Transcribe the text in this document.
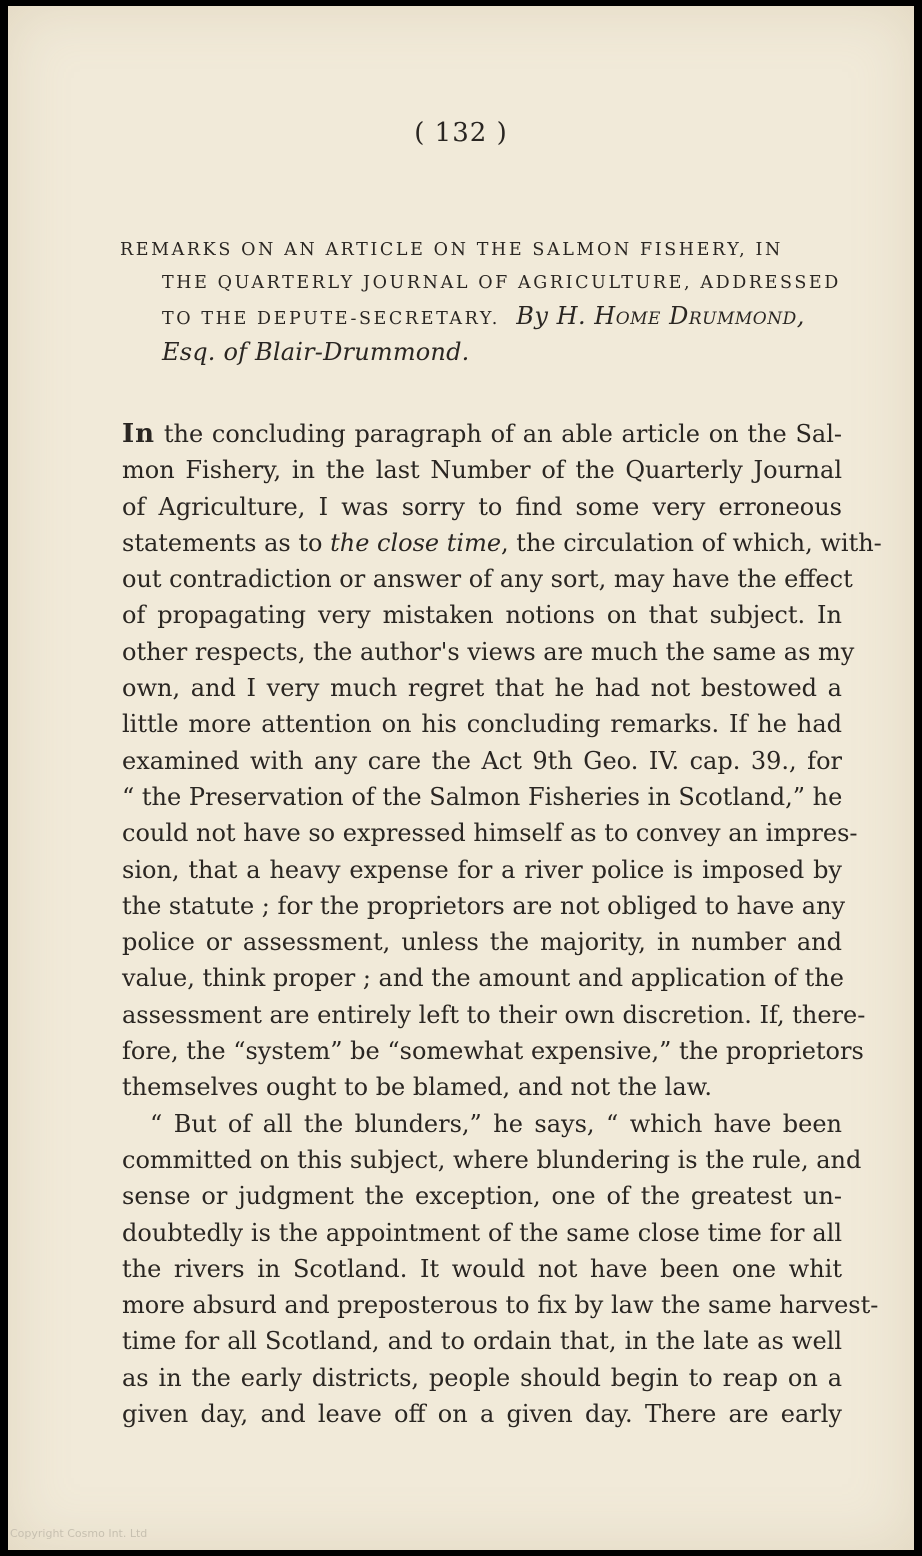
( 132 )
REMARKS ON AN ARTICLE ON THE SALMON FISHERY, IN
THE QUARTERLY JOURNAL OF AGRICULTURE, ADDRESSED
TO THE DEPUTE-SECRETARY. By H. Home Drummond,
Esq. of Blair-Drummond.
In the concluding paragraph of an able article on the Sal-
mon Fishery, in the last Number of the Quarterly Journal
of Agriculture, I was sorry to find some very erroneous
statements as to the close time, the circulation of which, with-
out contradiction or answer of any sort, may have the effect
of propagating very mistaken notions on that subject. In
other respects, the author's views are much the same as my
own, and I very much regret that he had not bestowed a
little more attention on his concluding remarks. If he had
examined with any care the Act 9th Geo. IV. cap. 39., for
“ the Preservation of the Salmon Fisheries in Scotland,” he
could not have so expressed himself as to convey an impres-
sion, that a heavy expense for a river police is imposed by
the statute ; for the proprietors are not obliged to have any
police or assessment, unless the majority, in number and
value, think proper ; and the amount and application of the
assessment are entirely left to their own discretion. If, there-
fore, the “system” be “somewhat expensive,” the proprietors
themselves ought to be blamed, and not the law.
“ But of all the blunders,” he says, “ which have been
committed on this subject, where blundering is the rule, and
sense or judgment the exception, one of the greatest un-
doubtedly is the appointment of the same close time for all
the rivers in Scotland. It would not have been one whit
more absurd and preposterous to fix by law the same harvest-
time for all Scotland, and to ordain that, in the late as well
as in the early districts, people should begin to reap on a
given day, and leave off on a given day. There are early
Copyright Cosmo Int. Ltd
